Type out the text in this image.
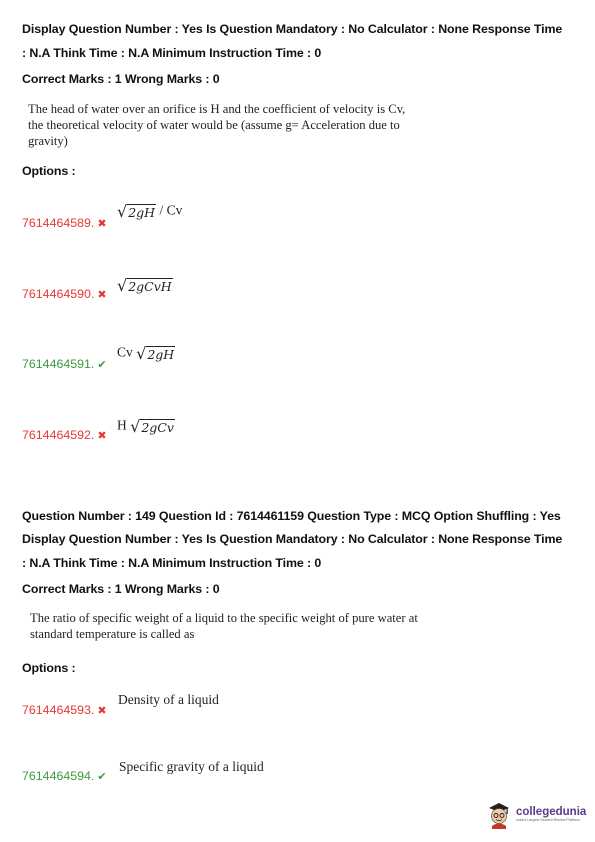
Display Question Number : Yes Is Question Mandatory : No Calculator : None Response Time
: N.A Think Time : N.A Minimum Instruction Time : 0
Correct Marks : 1 Wrong Marks : 0
The head of water over an orifice is H and the coefficient of velocity is Cv,
the theoretical velocity of water would be (assume g= Acceleration due to
gravity)
Options :
7614464589. ✖
√2gH / Cv
7614464590. ✖ √2gCvH
7614464591. ✔
Cv √2gH
7614464592. ✖
H √2gCv
Question Number : 149 Question Id : 7614461159 Question Type : MCQ Option Shuffling : Yes
Display Question Number : Yes Is Question Mandatory : No Calculator : None Response Time
: N.A Think Time : N.A Minimum Instruction Time : 0
Correct Marks : 1 Wrong Marks : 0
The ratio of specific weight of a liquid to the specific weight of pure water at
standard temperature is called as
Options :
7614464593. ✖
Density of a liquid
7614464594. ✔
Specific gravity of a liquid
collegedunia
India's Largest Student Review Platform
